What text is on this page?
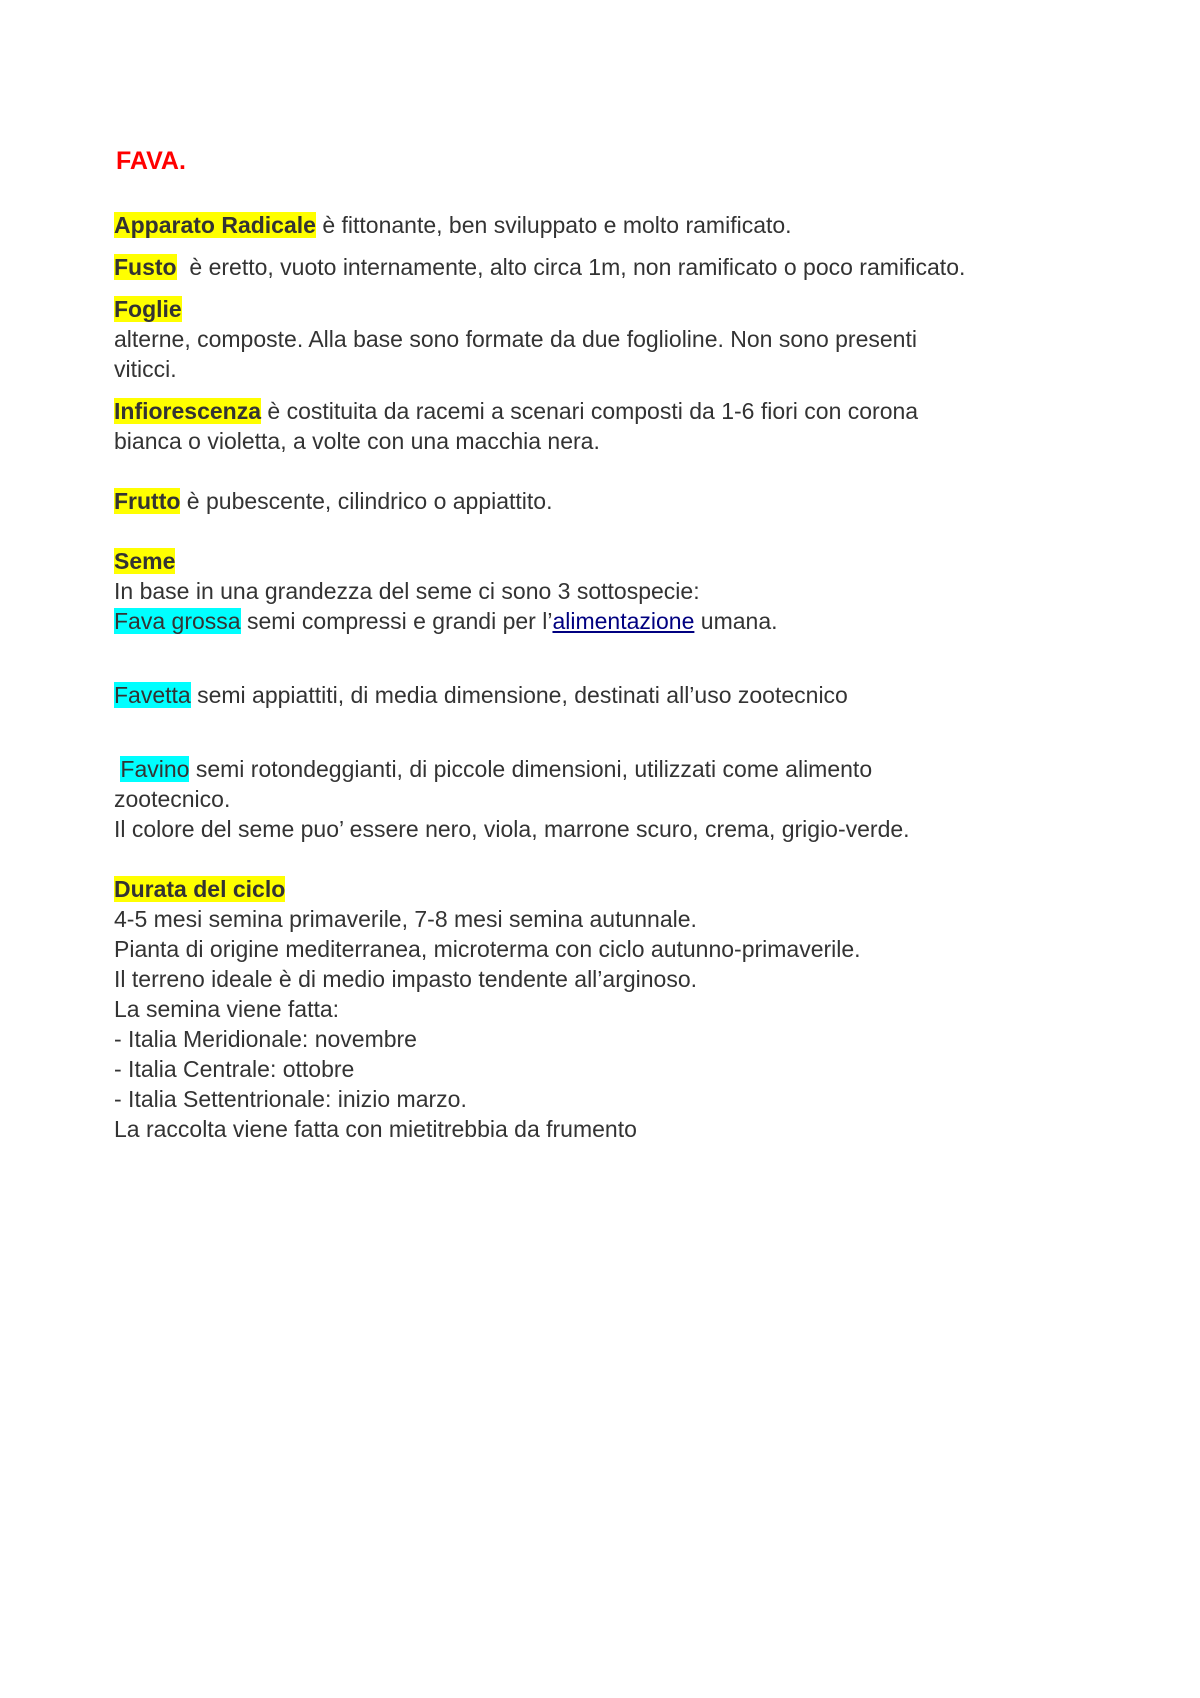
FAVA.

Apparato Radicale è fittonante, ben sviluppato e molto ramificato.

Fusto  è eretto, vuoto internamente, alto circa 1m, non ramificato o poco ramificato.

Foglie
alterne, composte. Alla base sono formate da due foglioline. Non sono presenti
viticci.
Infiorescenza è costituita da racemi a scenari composti da 1-6 fiori con corona
bianca o violetta, a volte con una macchia nera.

Frutto è pubescente, cilindrico o appiattito.

Seme
In base in una grandezza del seme ci sono 3 sottospecie:
Fava grossa semi compressi e grandi per l’alimentazione umana.
Favetta semi appiattiti, di media dimensione, destinati all’uso zootecnico
Favino semi rotondeggianti, di piccole dimensioni, utilizzati come alimento
zootecnico.
Il colore del seme puo’ essere nero, viola, marrone scuro, crema, grigio-verde.
Durata del ciclo
4-5 mesi semina primaverile, 7-8 mesi semina autunnale.
Pianta di origine mediterranea, microterma con ciclo autunno-primaverile.
Il terreno ideale è di medio impasto tendente all’arginoso.
La semina viene fatta:
- Italia Meridionale: novembre
- Italia Centrale: ottobre
- Italia Settentrionale: inizio marzo.
La raccolta viene fatta con mietitrebbia da frumento
